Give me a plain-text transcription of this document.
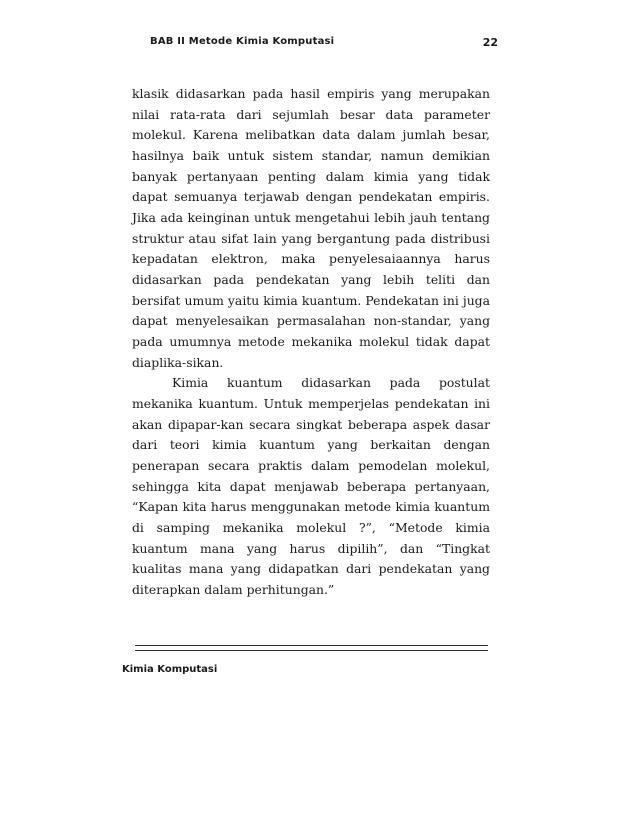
BAB II Metode Kimia Komputasi	22

klasik didasarkan pada hasil empiris yang merupakan nilai rata-rata dari sejumlah besar data parameter molekul. Karena melibatkan data dalam jumlah besar, hasilnya baik untuk sistem standar, namun demikian banyak pertanyaan penting dalam kimia yang tidak dapat semuanya terjawab dengan pendekatan empiris. Jika ada keinginan untuk mengetahui lebih jauh tentang struktur atau sifat lain yang bergantung pada distribusi kepadatan elektron, maka penyelesaiaannya harus didasarkan pada pendekatan yang lebih teliti dan bersifat umum yaitu kimia kuantum. Pendekatan ini juga dapat menyelesaikan permasalahan non-standar, yang pada umumnya metode mekanika molekul tidak dapat diaplika-sikan.

Kimia kuantum didasarkan pada postulat mekanika kuantum. Untuk memperjelas pendekatan ini akan dipapar-kan secara singkat beberapa aspek dasar dari teori kimia kuantum yang berkaitan dengan penerapan secara praktis dalam pemodelan molekul, sehingga kita dapat menjawab beberapa pertanyaan, “Kapan kita harus menggunakan metode kimia kuantum di samping mekanika molekul ?”, “Metode kimia kuantum mana yang harus dipilih”, dan “Tingkat kualitas mana yang didapatkan dari pendekatan yang diterapkan dalam perhitungan.”

Kimia Komputasi
